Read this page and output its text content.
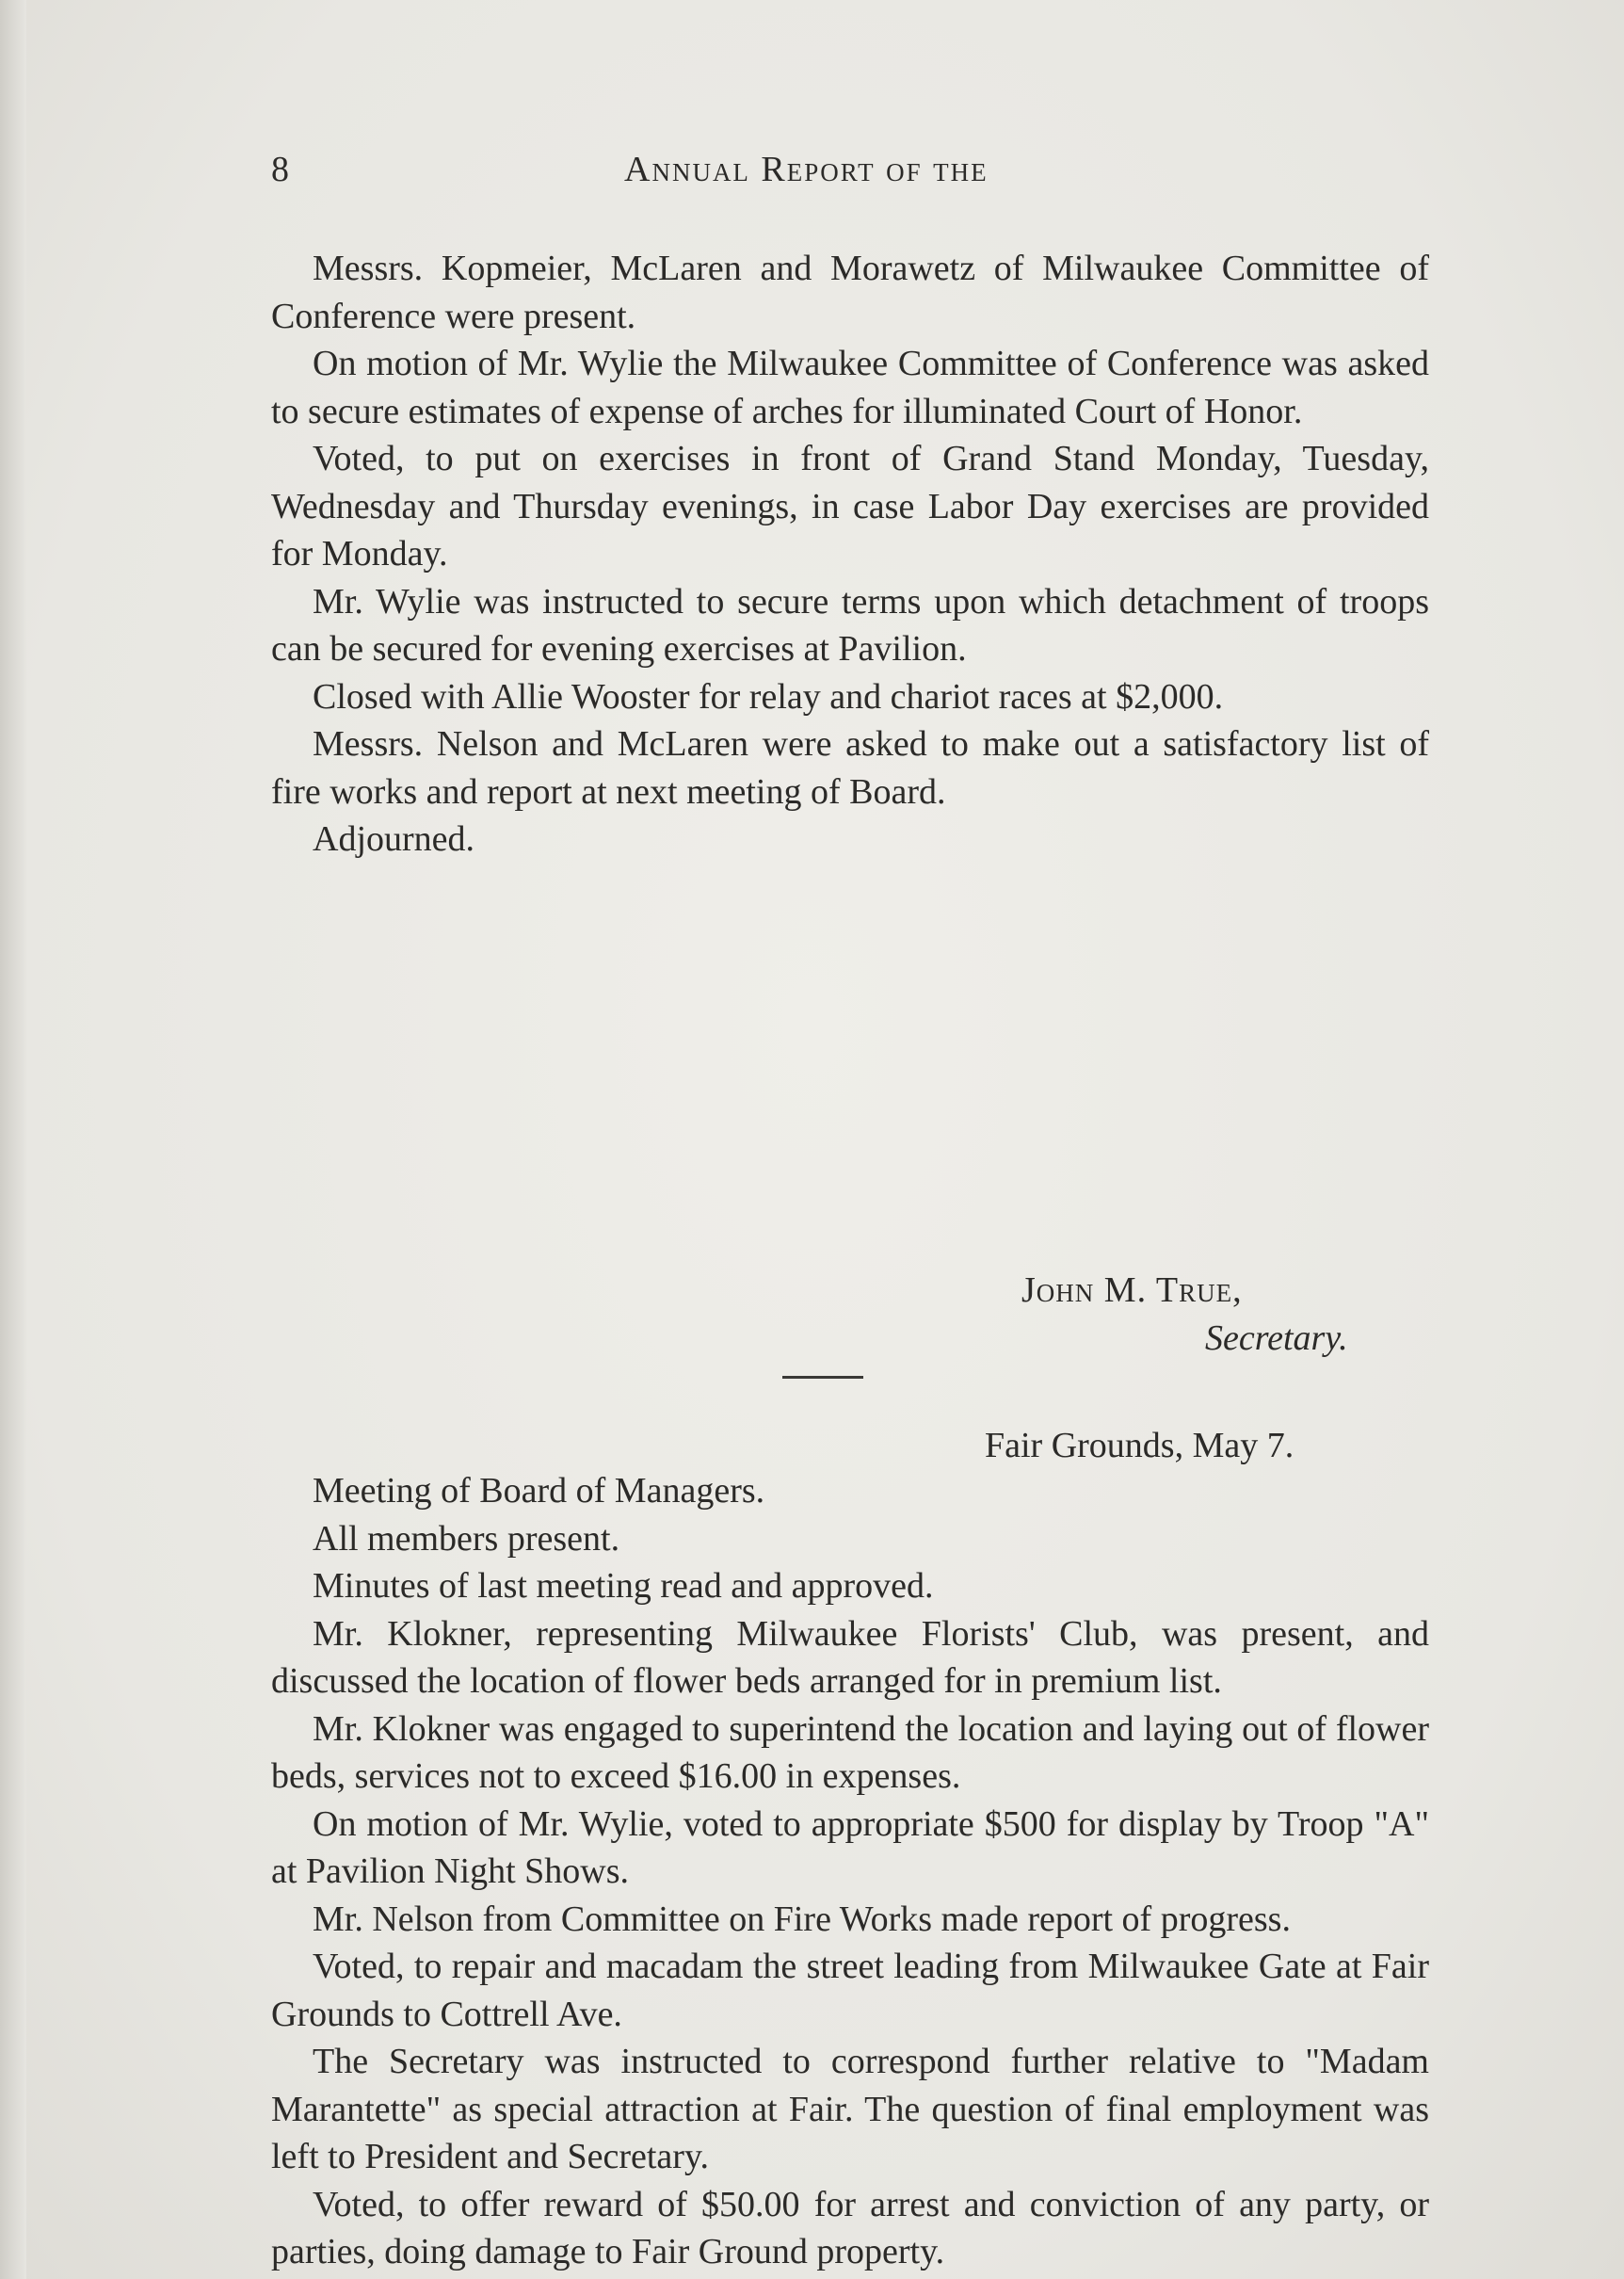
8	Annual Report of the

Messrs. Kopmeier, McLaren and Morawetz of Milwaukee Committee of Conference were present.

On motion of Mr. Wylie the Milwaukee Committee of Conference was asked to secure estimates of expense of arches for illuminated Court of Honor.

Voted, to put on exercises in front of Grand Stand Monday, Tuesday, Wednesday and Thursday evenings, in case Labor Day exercises are provided for Monday.

Mr. Wylie was instructed to secure terms upon which detachment of troops can be secured for evening exercises at Pavilion.

Closed with Allie Wooster for relay and chariot races at $2,000.

Messrs. Nelson and McLaren were asked to make out a satisfactory list of fire works and report at next meeting of Board.

Adjourned.

John M. True,
Secretary.
Fair Grounds, May 7.

Meeting of Board of Managers.

All members present.

Minutes of last meeting read and approved.

Mr. Klokner, representing Milwaukee Florists' Club, was present, and discussed the location of flower beds arranged for in premium list.

Mr. Klokner was engaged to superintend the location and laying out of flower beds, services not to exceed $16.00 in expenses.

On motion of Mr. Wylie, voted to appropriate $500 for display by Troop "A" at Pavilion Night Shows.

Mr. Nelson from Committee on Fire Works made report of progress.

Voted, to repair and macadam the street leading from Milwaukee Gate at Fair Grounds to Cottrell Ave.

The Secretary was instructed to correspond further relative to "Madam Marantette" as special attraction at Fair. The question of final employment was left to President and Secretary.

Voted, to offer reward of $50.00 for arrest and conviction of any party, or parties, doing damage to Fair Ground property.
